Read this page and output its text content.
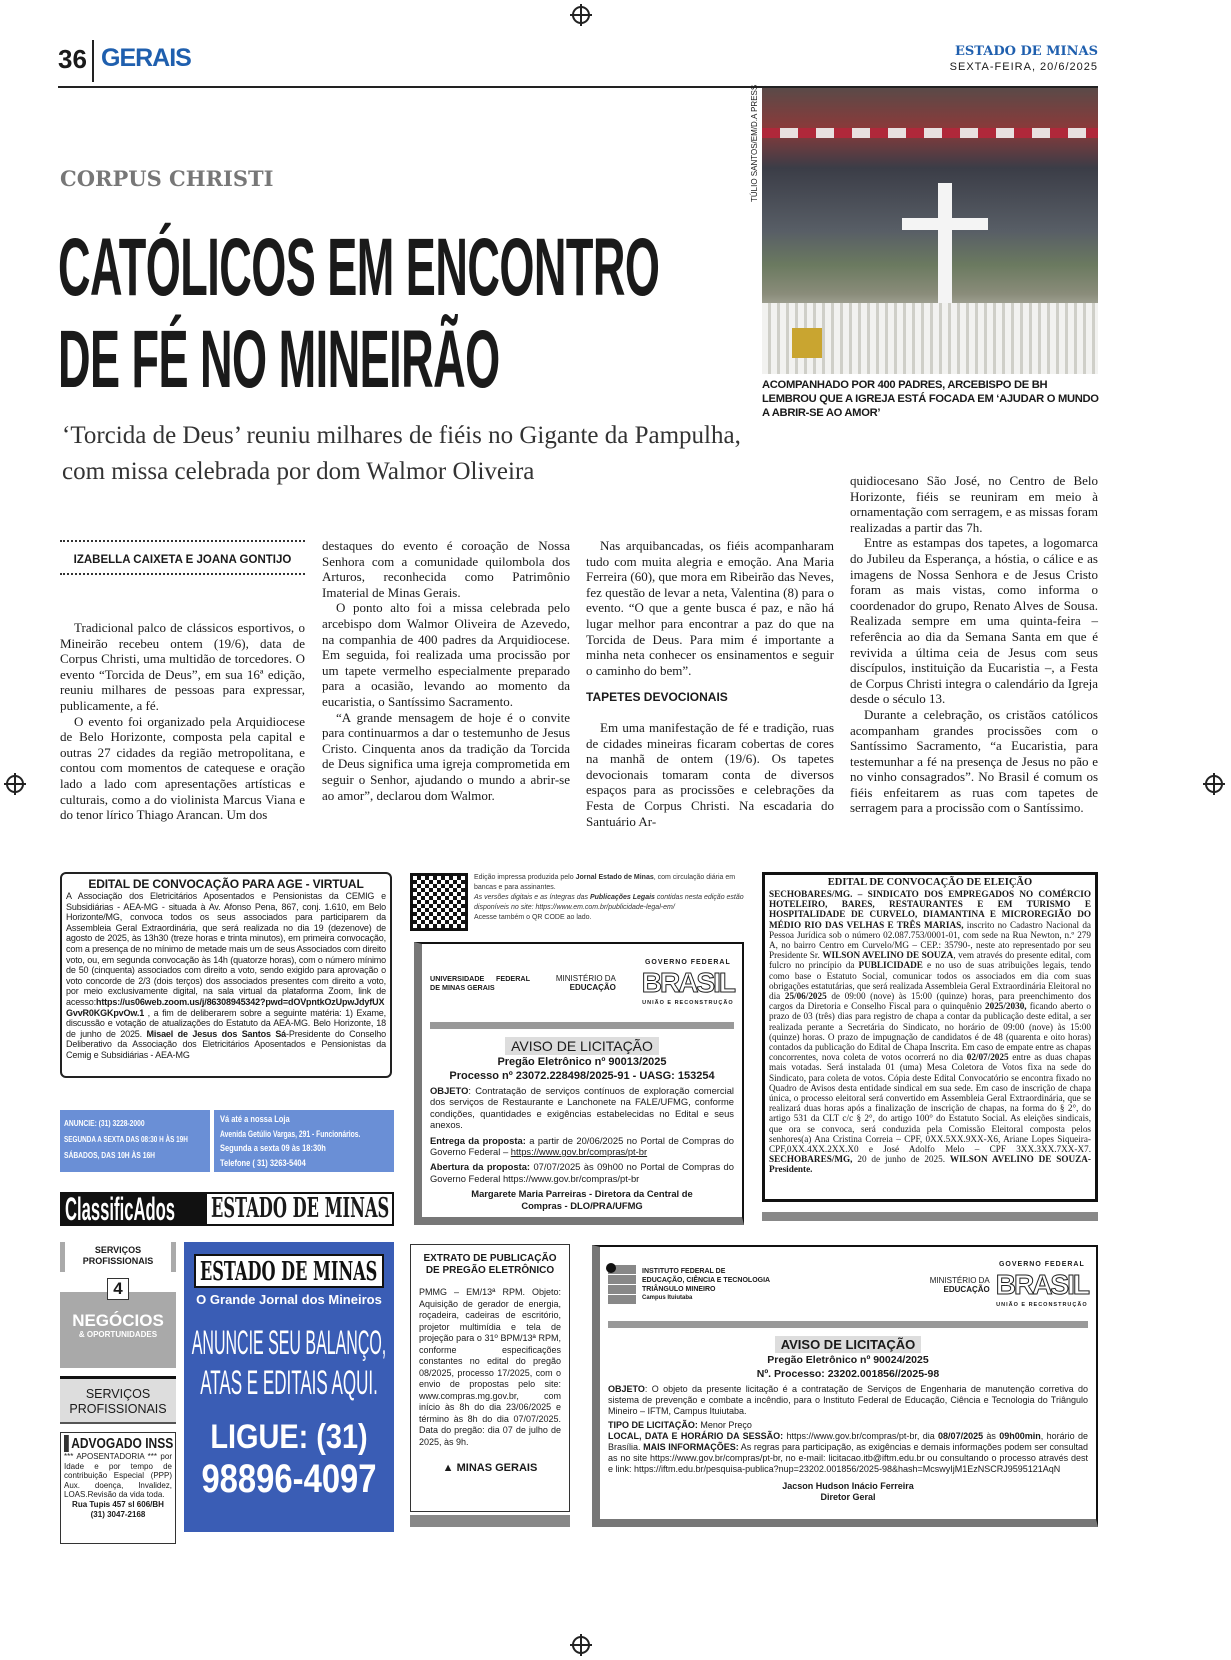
36 GERAIS	ESTADO DE MINAS
SEXTA-FEIRA, 20/6/2025
TÚLIO SANTOS/EM/D.A PRESS
ACOMPANHADO POR 400 PADRES, ARCEBISPO DE BH LEMBROU QUE A IGREJA ESTÁ FOCADA EM ‘AJUDAR O MUNDO A ABRIR-SE AO AMOR’
CORPUS CHRISTI
CATÓLICOS EM ENCONTRO
DE FÉ NO MINEIRÃO
‘Torcida de Deus’ reuniu milhares de fiéis no Gigante da Pampulha, com missa celebrada por dom Walmor Oliveira
IZABELLA CAIXETA E JOANA GONTIJO

Tradicional palco de clássicos esportivos, o Mineirão recebeu ontem (19/6), data de Corpus Christi, uma multidão de torcedores. O evento “Torcida de Deus”, em sua 16ª edição, reuniu milhares de pessoas para expressar, publicamente, a fé.

O evento foi organizado pela Arquidiocese de Belo Horizonte, composta pela capital e outras 27 cidades da região metropolitana, e contou com momentos de catequese e oração lado a lado com apresentações artísticas e culturais, como a do violinista Marcus Viana e do tenor lírico Thiago Arancan. Um dos

destaques do evento é coroação de Nossa Senhora com a comunidade quilombola dos Arturos, reconhecida como Patrimônio Imaterial de Minas Gerais.

O ponto alto foi a missa celebrada pelo arcebispo dom Walmor Oliveira de Azevedo, na companhia de 400 padres da Arquidiocese. Em seguida, foi realizada uma procissão por um tapete vermelho especialmente preparado para a ocasião, levando ao momento da eucaristia, o Santíssimo Sacramento.

“A grande mensagem de hoje é o convite para continuarmos a dar o testemunho de Jesus Cristo. Cinquenta anos da tradição da Torcida de Deus significa uma igreja comprometida em seguir o Senhor, ajudando o mundo a abrir-se ao amor”, declarou dom Walmor.

Nas arquibancadas, os fiéis acompanharam tudo com muita alegria e emoção. Ana Maria Ferreira (60), que mora em Ribeirão das Neves, fez questão de levar a neta, Valentina (8) para o evento. “O que a gente busca é paz, e não há lugar melhor para encontrar a paz do que na Torcida de Deus. Para mim é importante a minha neta conhecer os ensinamentos e seguir o caminho do bem”.

TAPETES DEVOCIONAIS

Em uma manifestação de fé e tradição, ruas de cidades mineiras ficaram cobertas de cores na manhã de ontem (19/6). Os tapetes devocionais tomaram conta de diversos espaços para as procissões e celebrações da Festa de Corpus Christi. Na escadaria do Santuário Ar-

quidiocesano São José, no Centro de Belo Horizonte, fiéis se reuniram em meio à ornamentação com serragem, e as missas foram realizadas a partir das 7h.

Entre as estampas dos tapetes, a logomarca do Jubileu da Esperança, a hóstia, o cálice e as imagens de Nossa Senhora e de Jesus Cristo foram as mais vistas, como informa o coordenador do grupo, Renato Alves de Sousa. Realizada sempre em uma quinta-feira – referência ao dia da Semana Santa em que é revivida a última ceia de Jesus com seus discípulos, instituição da Eucaristia –, a Festa de Corpus Christi integra o calendário da Igreja desde o século 13.

Durante a celebração, os cristãos católicos acompanham grandes procissões com o Santíssimo Sacramento, “a Eucaristia, para testemunhar a fé na presença de Jesus no pão e no vinho consagrados”. No Brasil é comum os fiéis enfeitarem as ruas com tapetes de serragem para a procissão com o Santíssimo.

EDITAL DE CONVOCAÇÃO PARA AGE - VIRTUAL
A Associação dos Eletricitários Aposentados e Pensionistas da CEMIG e Subsidiárias - AEA-MG - situada à Av. Afonso Pena, 867, conj. 1.610, em Belo Horizonte/MG, convoca todos os seus associados para participarem da Assembleia Geral Extraordinária, que será realizada no dia 19 (dezenove) de agosto de 2025, às 13h30 (treze horas e trinta minutos), em primeira convocação, com a presença de no mínimo de metade mais um de seus Associados com direito voto, ou, em segunda convocação às 14h (quatorze horas), com o número mínimo de 50 (cinquenta) associados com direito a voto, sendo exigido para aprovação o voto concorde de 2/3 (dois terços) dos associados presentes com direito a voto, por meio exclusivamente digital, na sala virtual da plataforma Zoom, link de acesso:https://us06web.zoom.us/j/86308945342?pwd=dOVpntkOzUpwJdyfUXGvvR0KGKpvOw.1 , a fim de deliberarem sobre a seguinte matéria: 1) Exame, discussão e votação de atualizações do Estatuto da AEA-MG. Belo Horizonte, 18 de junho de 2025. Misael de Jesus dos Santos Sá-Presidente do Conselho Deliberativo da Associação dos Eletricitários Aposentados e Pensionistas da Cemig e Subsidiárias - AEA-MG
ANUNCIE: (31) 3228-2000 SEGUNDA A SEXTA DAS 08:30 H ÀS 19H SÁBADOS, DAS 10H ÀS 16H
Vá até a nossa Loja Avenida Getúlio Vargas, 291 - Funcionários. Segunda a sexta 09 às 18:30h Telefone ( 31) 3263-5404
ClassificAdos	ESTADO DE MINAS
SERVIÇOS PROFISSIONAIS
4
NEGÓCIOS
& OPORTUNIDADES
SERVIÇOS PROFISSIONAIS
ADVOGADO INSS
*** APOSENTADORIA *** por Idade e por tempo de contribuição Especial (PPP) Aux. doença, Invalidez, LOAS.Revisão da vida toda.
Rua Tupis 457 sl 606/BH (31) 3047-2168
ESTADO DE MINAS
O Grande Jornal dos Mineiros
ANUNCIE SEU BALANÇO,
ATAS E EDITAIS AQUI.
LIGUE: (31)
98896-4097
Edição impressa produzida pelo Jornal Estado de Minas, com circulação diária em bancas e para assinantes.
As versões digitais e as íntegras das Publicações Legais contidas nesta edição estão disponíveis no site: https://www.em.com.br/publicidade-legal-em/
Acesse também o QR CODE ao lado.
UNIVERSIDADE FEDERAL DE MINAS GERAIS
MINISTÉRIO DA
EDUCAÇÃO
GOVERNO FEDERAL
BRASIL
UNIÃO E RECONSTRUÇÃO
AVISO DE LICITAÇÃO
Pregão Eletrônico nº 90013/2025
Processo nº 23072.228498/2025-91 - UASG: 153254
OBJETO: Contratação de serviços contínuos de exploração comercial dos serviços de Restaurante e Lanchonete na FALE/UFMG, conforme condições, quantidades e exigências estabelecidas no Edital e seus anexos.
Entrega da proposta: a partir de 20/06/2025 no Portal de Compras do Governo Federal – https://www.gov.br/compras/pt-br
Abertura da proposta: 07/07/2025 às 09h00 no Portal de Compras do Governo Federal https://www.gov.br/compras/pt-br
Margarete Maria Parreiras - Diretora da Central de Compras - DLO/PRA/UFMG
EDITAL DE CONVOCAÇÃO DE ELEIÇÃO
SECHOBARES/MG. – SINDICATO DOS EMPREGADOS NO COMÉRCIO HOTELEIRO, BARES, RESTAURANTES E EM TURISMO E HOSPITALIDADE DE CURVELO, DIAMANTINA E MICROREGIÃO DO MÉDIO RIO DAS VELHAS E TRÊS MARIAS, inscrito no Cadastro Nacional da Pessoa Jurídica sob o número 02.087.753/0001-01, com sede na Rua Newton, n.º 279 A, no bairro Centro em Curvelo/MG – CEP.: 35790-, neste ato representado por seu Presidente Sr. WILSON AVELINO DE SOUZA, vem através do presente edital, com fulcro no princípio da PUBLICIDADE e no uso de suas atribuições legais, tendo como base o Estatuto Social, comunicar todos os associados em dia com suas obrigações estatutárias, que será realizada Assembleia Geral Extraordinária Eleitoral no dia 25/06/2025 de 09:00 (nove) às 15:00 (quinze) horas, para preenchimento dos cargos da Diretoria e Conselho Fiscal para o quinquênio 2025/2030, ficando aberto o prazo de 03 (três) dias para registro de chapa a contar da publicação deste edital, a ser realizada perante a Secretária do Sindicato, no horário de 09:00 (nove) às 15:00 (quinze) horas. O prazo de impugnação de candidatos é de 48 (quarenta e oito horas) contados da publicação do Edital de Chapa Inscrita. Em caso de empate entre as chapas concorrentes, nova coleta de votos ocorrerá no dia 02/07/2025 entre as duas chapas mais votadas. Será instalada 01 (uma) Mesa Coletora de Votos fixa na sede do Sindicato, para coleta de votos. Cópia deste Edital Convocatório se encontra fixado no Quadro de Avisos desta entidade sindical em sua sede. Em caso de inscrição de chapa única, o processo eleitoral será convertido em Assembleia Geral Extraordinária, que se realizará duas horas após a finalização de inscrição de chapas, na forma do § 2°, do artigo 531 da CLT c/c § 2°, do artigo 100° do Estatuto Social. As eleições sindicais, que ora se convoca, será conduzida pela Comissão Eleitoral composta pelos senhores(a) Ana Cristina Correia – CPF, 0XX.5XX.9XX-X6, Ariane Lopes Siqueira- CPF,0XX.4XX.2XX.X0 e José Adolfo Melo – CPF 3XX.3XX.7XX-X7. SECHOBARES/MG, 20 de junho de 2025. WILSON AVELINO DE SOUZA- Presidente.
EXTRATO DE PUBLICAÇÃO DE PREGÃO ELETRÔNICO
PMMG – EM/13ª RPM. Objeto: Aquisição de gerador de energia, roçadeira, cadeiras de escritório, projetor multimídia e tela de projeção para o 31º BPM/13ª RPM, conforme especificações constantes no edital do pregão 08/2025, processo 17/2025, com o envio de propostas pelo site: www.compras.mg.gov.br, com início às 8h do dia 23/06/2025 e término às 8h do dia 07/07/2025. Data do pregão: dia 07 de julho de 2025, às 9h.
▲ MINAS GERAIS
INSTITUTO FEDERAL DE
EDUCAÇÃO, CIÊNCIA E TECNOLOGIA
TRIÂNGULO MINEIRO
Campus Ituiutaba
MINISTÉRIO DA
EDUCAÇÃO
GOVERNO FEDERAL
BRASIL
UNIÃO E RECONSTRUÇÃO
AVISO DE LICITAÇÃO
Pregão Eletrônico nº 90024/2025
Nº. Processo: 23202.001856//2025-98
OBJETO: O objeto da presente licitação é a contratação de Serviços de Engenharia de manutenção corretiva do sistema de prevenção e combate a incêndio, para o Instituto Federal de Educação, Ciência e Tecnologia do Triângulo Mineiro – IFTM, Campus Ituiutaba.
TIPO DE LICITAÇÃO: Menor Preço
LOCAL, DATA E HORÁRIO DA SESSÃO: https://www.gov.br/compras/pt-br, dia 08/07/2025 às 09h00min, horário de Brasília. MAIS INFORMAÇÕES: As regras para participação, as exigências e demais informações podem ser consultadas no site https://www.gov.br/compras/pt-br, no e-mail: licitacao.itb@iftm.edu.br ou consultando o processo através deste link: https://iftm.edu.br/pesquisa-publica?nup=23202.001856/2025-98&hash=McswyIjM1EzNSCRJ9595121AqN
Jacson Hudson Inácio Ferreira
Diretor Geral
